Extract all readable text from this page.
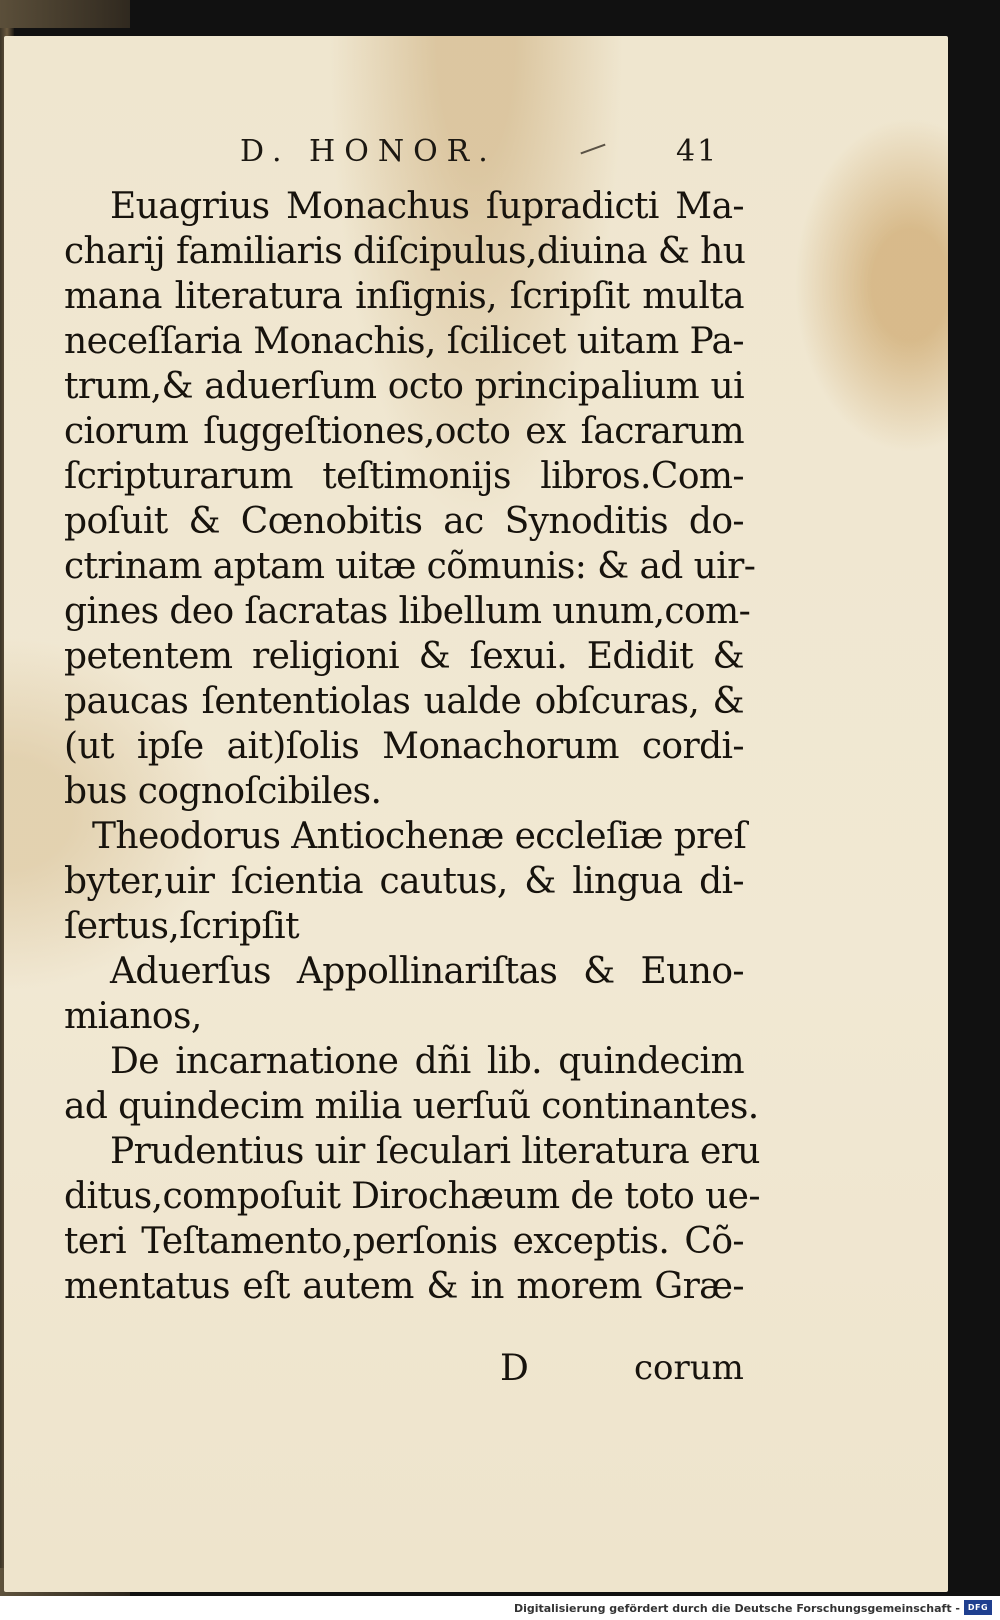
D. HONOR.	41
Euagrius Monachus ſupradicti Ma-
charij familiaris diſcipulus,diuina & hu
mana literatura inſignis, ſcripſit multa
neceſſaria Monachis, ſcilicet uitam Pa-
trum,& aduerſum octo principalium ui
ciorum ſuggeſtiones,octo ex ſacrarum
ſcripturarum teſtimonijs libros.Com-
poſuit & Cœnobitis ac Synoditis do-
ctrinam aptam uitæ cõmunis: & ad uir-
gines deo ſacratas libellum unum,com-
petentem religioni & ſexui. Edidit &
paucas ſententiolas ualde obſcuras, &
(ut ipſe ait)ſolis Monachorum cordi-
bus cognoſcibiles.
Theodorus Antiochenæ eccleſiæ preſ
byter,uir ſcientia cautus, & lingua di-
ſertus,ſcripſit
Aduerſus Appollinariſtas & Euno-
mianos,
De incarnatione dñi lib. quindecim
ad quindecim milia uerſuũ continantes.
Prudentius uir ſeculari literatura eru
ditus,compoſuit Dirochæum de toto ue-
teri Teſtamento,perſonis exceptis. Cõ-
mentatus eſt autem & in morem Græ-
D	corum
Digitalisierung gefördert durch die Deutsche Forschungsgemeinschaft - DFG
